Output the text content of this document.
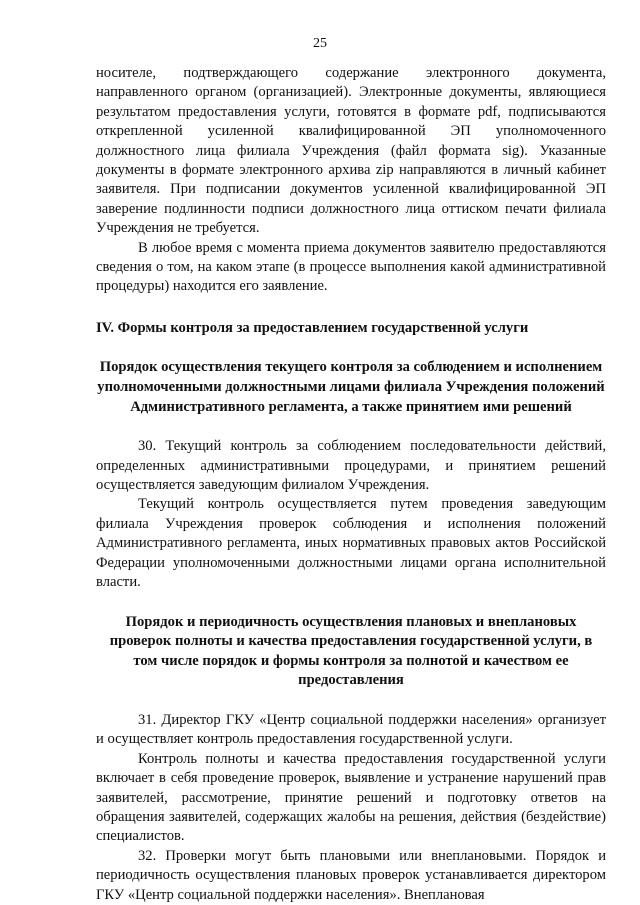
25

носителе, подтверждающего содержание электронного документа, направленного органом (организацией). Электронные документы, являющиеся результатом предоставления услуги, готовятся в формате pdf, подписываются открепленной усиленной квалифицированной ЭП уполномоченного должностного лица филиала Учреждения (файл формата sig). Указанные документы в формате электронного архива zip направляются в личный кабинет заявителя. При подписании документов усиленной квалифицированной ЭП заверение подлинности подписи должностного лица оттиском печати филиала Учреждения не требуется.

В любое время с момента приема документов заявителю предоставляются сведения о том, на каком этапе (в процессе выполнения какой административной процедуры) находится его заявление.

IV. Формы контроля за предоставлением государственной услуги
Порядок осуществления текущего контроля за соблюдением и исполнением уполномоченными должностными лицами филиала Учреждения положений Административного регламента, а также принятием ими решений

30. Текущий контроль за соблюдением последовательности действий, определенных административными процедурами, и принятием решений осуществляется заведующим филиалом Учреждения.

Текущий контроль осуществляется путем проведения заведующим филиала Учреждения проверок соблюдения и исполнения положений Административного регламента, иных нормативных правовых актов Российской Федерации уполномоченными должностными лицами органа исполнительной власти.

Порядок и периодичность осуществления плановых и внеплановых проверок полноты и качества предоставления государственной услуги, в том числе порядок и формы контроля за полнотой и качеством ее предоставления

31. Директор ГКУ «Центр социальной поддержки населения» организует и осуществляет контроль предоставления государственной услуги.

Контроль полноты и качества предоставления государственной услуги включает в себя проведение проверок, выявление и устранение нарушений прав заявителей, рассмотрение, принятие решений и подготовку ответов на обращения заявителей, содержащих жалобы на решения, действия (бездействие) специалистов.

32. Проверки могут быть плановыми или внеплановыми. Порядок и периодичность осуществления плановых проверок устанавливается директором ГКУ «Центр социальной поддержки населения». Внеплановая
